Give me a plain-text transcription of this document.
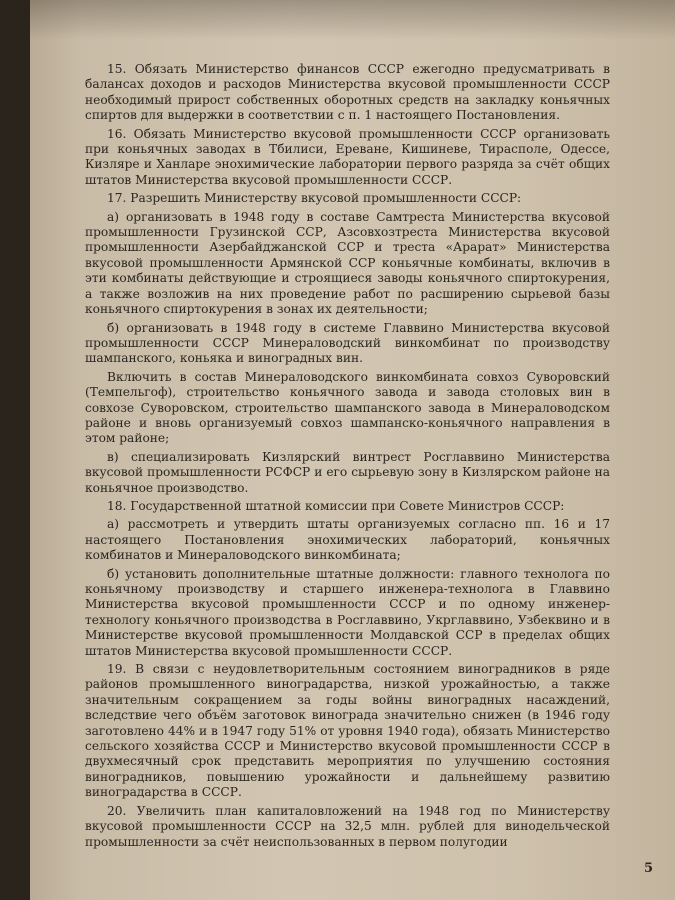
15. Обязать Министерство финансов СССР ежегодно предусматривать в балансах доходов и расходов Министерства вкусовой промышленности СССР необходимый прирост собственных оборотных средств на закладку коньячных спиртов для выдержки в соответствии с п. 1 настоящего Постановления.

16. Обязать Министерство вкусовой промышленности СССР организовать при коньячных заводах в Тбилиси, Ереване, Кишиневе, Тирасполе, Одессе, Кизляре и Ханларе энохимические лаборатории первого разряда за счёт общих штатов Министерства вкусовой промышленности СССР.

17. Разрешить Министерству вкусовой промышленности СССР:

а) организовать в 1948 году в составе Самтреста Министерства вкусовой промышленности Грузинской ССР, Азсовхозтреста Министерства вкусовой промышленности Азербайджанской ССР и треста «Арарат» Министерства вкусовой промышленности Армянской ССР коньячные комбинаты, включив в эти комбинаты действующие и строящиеся заводы коньячного спиртокурения, а также возложив на них проведение работ по расширению сырьевой базы коньячного спиртокурения в зонах их деятельности;

б) организовать в 1948 году в системе Главвино Министерства вкусовой промышленности СССР Минераловодский винкомбинат по производству шампанского, коньяка и виноградных вин.

Включить в состав Минераловодского винкомбината совхоз Суворовский (Темпельгоф), строительство коньячного завода и завода столовых вин в совхозе Суворовском, строительство шампанского завода в Минераловодском районе и вновь организуемый совхоз шампанско-коньячного направления в этом районе;

в) специализировать Кизлярский винтрест Росглаввино Министерства вкусовой промышленности РСФСР и его сырьевую зону в Кизлярском районе на коньячное производство.

18. Государственной штатной комиссии при Совете Министров СССР:

а) рассмотреть и утвердить штаты организуемых согласно пп. 16 и 17 настоящего Постановления энохимических лабораторий, коньячных комбинатов и Минераловодского винкомбината;

б) установить дополнительные штатные должности: главного технолога по коньячному производству и старшего инженера-технолога в Главвино Министерства вкусовой промышленности СССР и по одному инженер-технологу коньячного производства в Росглаввино, Укрглаввино, Узбеквино и в Министерстве вкусовой промышленности Молдавской ССР в пределах общих штатов Министерства вкусовой промышленности СССР.

19. В связи с неудовлетворительным состоянием виноградников в ряде районов промышленного виноградарства, низкой урожайностью, а также значительным сокращением за годы войны виноградных насаждений, вследствие чего объём заготовок винограда значительно снижен (в 1946 году заготовлено 44% и в 1947 году 51% от уровня 1940 года), обязать Министерство сельского хозяйства СССР и Министерство вкусовой промышленности СССР в двухмесячный срок представить мероприятия по улучшению состояния виноградников, повышению урожайности и дальнейшему развитию виноградарства в СССР.

20. Увеличить план капиталовложений на 1948 год по Министерству вкусовой промышленности СССР на 32,5 млн. рублей для винодельческой промышленности за счёт неиспользованных в первом полугодии

5
